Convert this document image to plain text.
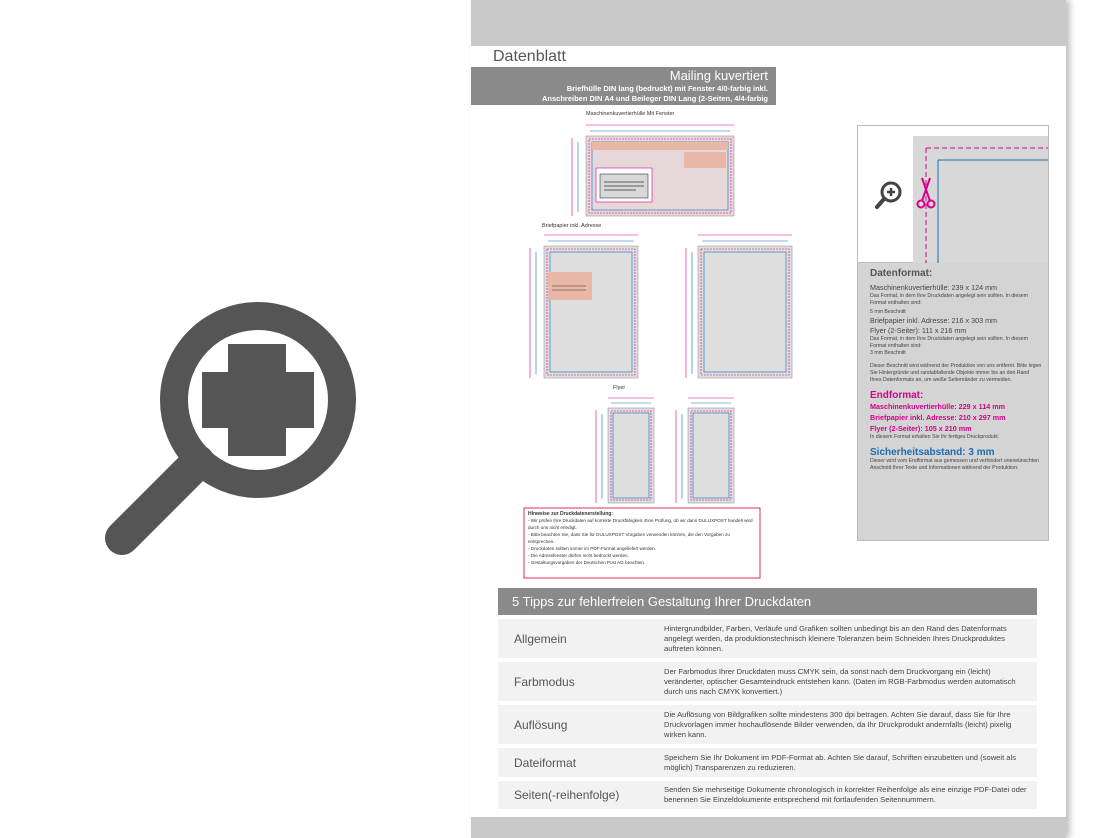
Datenblatt
Mailing kuvertiert
Briefhülle DIN lang (bedruckt) mit Fenster 4/0-farbig inkl.
Anschreiben DIN A4 und Beileger DIN Lang (2-Seiten, 4/4-farbig
Maschinenkuvertierhülle Mit Fenster
Briefpapier inkl. Adresse
Flyer
Hinweise zur Druckdatenerstellung:
- Wir prüfen Ihre Druckdaten auf korrekte Druckfähigkeit. Eine Prüfung, ob wir dann DULUXPOST handelt wird durch uns nicht erledigt.
- Bitte beachten Sie, dass Sie für DULUXPOST Vorgaben verwenden können, die den Vorgaben zu entsprechen.
- Druckdaten sollten immer im PDF-Format angeliefert werden.
- Die Adressfenster dürfen nicht bedruckt werden.
- Gestaltungsvorgaben der Deutschen Post AG beachten.
Datenformat:
Maschinenkuvertierhülle: 239 x 124 mm
Das Format, in dem Ihre Druckdaten angelegt sein sollten. In diesem Format enthalten sind:
5 mm Beschnitt
Briefpapier inkl. Adresse: 216 x 303 mm
Flyer (2-Seiter): 111 x 216 mm
Das Format, in dem Ihre Druckdaten angelegt sein sollten. In diesem Format enthalten sind:
3 mm Beschnitt
Dieser Beschnitt wird während der Produktion von uns entfernt. Bitte legen Sie Hintergründe und randabfallende Objekte immer bis an den Rand Ihres Datenformats an, um weiße Seitenränder zu vermeiden.
Endformat:
Maschinenkuvertierhülle: 229 x 114 mm
Briefpapier inkl. Adresse: 210 x 297 mm
Flyer (2-Seiter): 105 x 210 mm
In diesem Format erhalten Sie Ihr fertiges Druckprodukt.
Sicherheitsabstand: 3 mm
Dieser wird vom Endformat aus gemessen und verhindert unerwünschten Anschnitt Ihrer Texte und Informationen während der Produktion.
5 Tipps zur fehlerfreien Gestaltung Ihrer Druckdaten
Allgemein
Hintergrundbilder, Farben, Verläufe und Grafiken sollten unbedingt bis an den Rand des Datenformats angelegt werden, da produktionstechnisch kleinere Toleranzen beim Schneiden Ihres Druckproduktes auftreten können.
Farbmodus
Der Farbmodus Ihrer Druckdaten muss CMYK sein, da sonst nach dem Druckvorgang ein (leicht) veränderter, optischer Gesamteindruck entstehen kann. (Daten im RGB-Farbmodus werden automatisch durch uns nach CMYK konvertiert.)
Auflösung
Die Auflösung von Bildgrafiken sollte mindestens 300 dpi betragen. Achten Sie darauf, dass Sie für Ihre Druckvorlagen immer hochauflösende Bilder verwenden, da Ihr Druckprodukt andernfalls (leicht) pixelig wirken kann.
Dateiformat	Speichern Sie Ihr Dokument im PDF-Format ab. Achten Sie darauf, Schriften einzubetten und (soweit als möglich) Transparenzen zu reduzieren.
Seiten(-reihenfolge)	Senden Sie mehrseitige Dokumente chronologisch in korrekter Reihenfolge als eine einzige PDF-Datei oder benennen Sie Einzeldokumente entsprechend mit fortlaufenden Seitennummern.
